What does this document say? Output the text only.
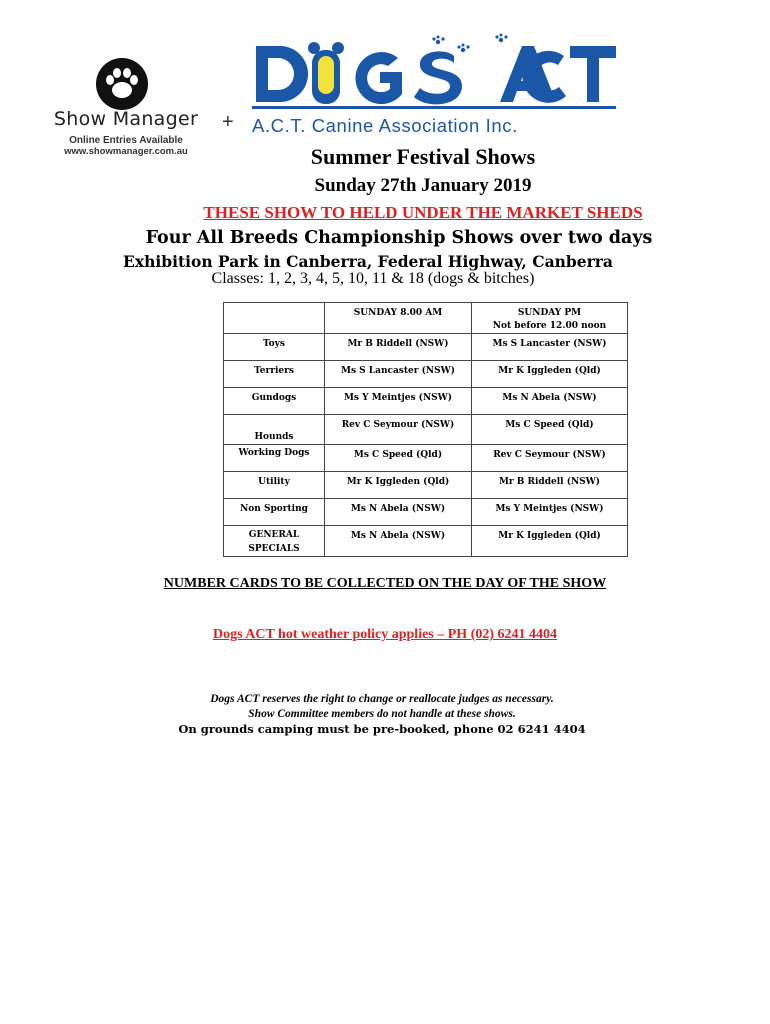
Show Manager
Online Entries Available
www.showmanager.com.au
+ A.C.T. Canine Association Inc.
Summer Festival Shows
Sunday 27th January 2019
THESE SHOW TO HELD UNDER THE MARKET SHEDS
Four All Breeds Championship Shows over two days
Exhibition Park in Canberra, Federal Highway, Canberra
Classes: 1, 2, 3, 4, 5, 10, 11 & 18 (dogs & bitches)

	SUNDAY 8.00 AM	SUNDAY PM
Not before 12.00 noon

Toys	Mr B Riddell (NSW)	Ms S Lancaster (NSW)

Terriers	Ms S Lancaster (NSW)	Mr K Iggleden (Qld)

Gundogs	Ms Y Meintjes (NSW)	Ms N Abela (NSW)

Hounds	Rev C Seymour (NSW)	Ms C Speed (Qld)

Working Dogs	Ms C Speed (Qld)	Rev C Seymour (NSW)

Utility	Mr K Iggleden (Qld)	Mr B Riddell (NSW)

Non Sporting	Ms N Abela (NSW)	Ms Y Meintjes (NSW)

GENERAL
SPECIALS	Ms N Abela (NSW)	Mr K Iggleden (Qld)
NUMBER CARDS TO BE COLLECTED ON THE DAY OF THE SHOW
Dogs ACT hot weather policy applies – PH (02) 6241 4404
Dogs ACT reserves the right to change or reallocate judges as necessary.
Show Committee members do not handle at these shows.
On grounds camping must be pre-booked, phone 02 6241 4404
